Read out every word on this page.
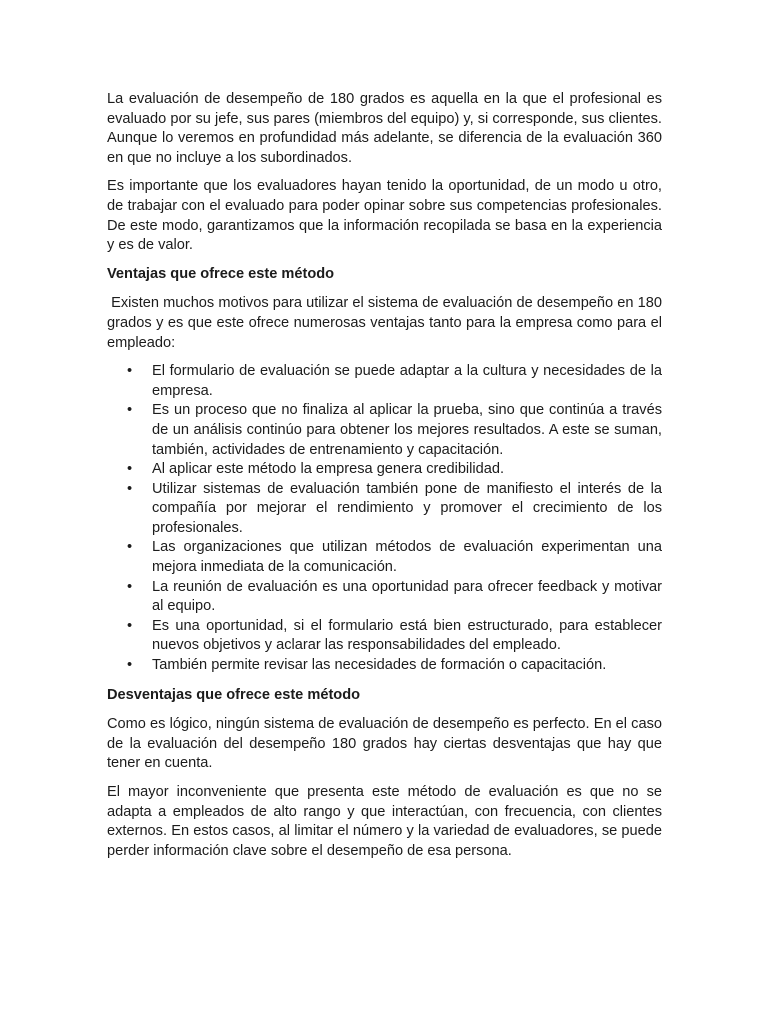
La evaluación de desempeño de 180 grados es aquella en la que el profesional es evaluado por su jefe, sus pares (miembros del equipo) y, si corresponde, sus clientes. Aunque lo veremos en profundidad más adelante, se diferencia de la evaluación 360 en que no incluye a los subordinados.

Es importante que los evaluadores hayan tenido la oportunidad, de un modo u otro, de trabajar con el evaluado para poder opinar sobre sus competencias profesionales. De este modo, garantizamos que la información recopilada se basa en la experiencia y es de valor.

Ventajas que ofrece este método

Existen muchos motivos para utilizar el sistema de evaluación de desempeño en 180 grados y es que este ofrece numerosas ventajas tanto para la empresa como para el empleado:

• El formulario de evaluación se puede adaptar a la cultura y necesidades de la empresa.
• Es un proceso que no finaliza al aplicar la prueba, sino que continúa a través de un análisis continúo para obtener los mejores resultados. A este se suman, también, actividades de entrenamiento y capacitación.
• Al aplicar este método la empresa genera credibilidad.
• Utilizar sistemas de evaluación también pone de manifiesto el interés de la compañía por mejorar el rendimiento y promover el crecimiento de los profesionales.
• Las organizaciones que utilizan métodos de evaluación experimentan una mejora inmediata de la comunicación.
• La reunión de evaluación es una oportunidad para ofrecer feedback y motivar al equipo.
• Es una oportunidad, si el formulario está bien estructurado, para establecer nuevos objetivos y aclarar las responsabilidades del empleado.
• También permite revisar las necesidades de formación o capacitación.

Desventajas que ofrece este método

Como es lógico, ningún sistema de evaluación de desempeño es perfecto. En el caso de la evaluación del desempeño 180 grados hay ciertas desventajas que hay que tener en cuenta.

El mayor inconveniente que presenta este método de evaluación es que no se adapta a empleados de alto rango y que interactúan, con frecuencia, con clientes externos. En estos casos, al limitar el número y la variedad de evaluadores, se puede perder información clave sobre el desempeño de esa persona.
